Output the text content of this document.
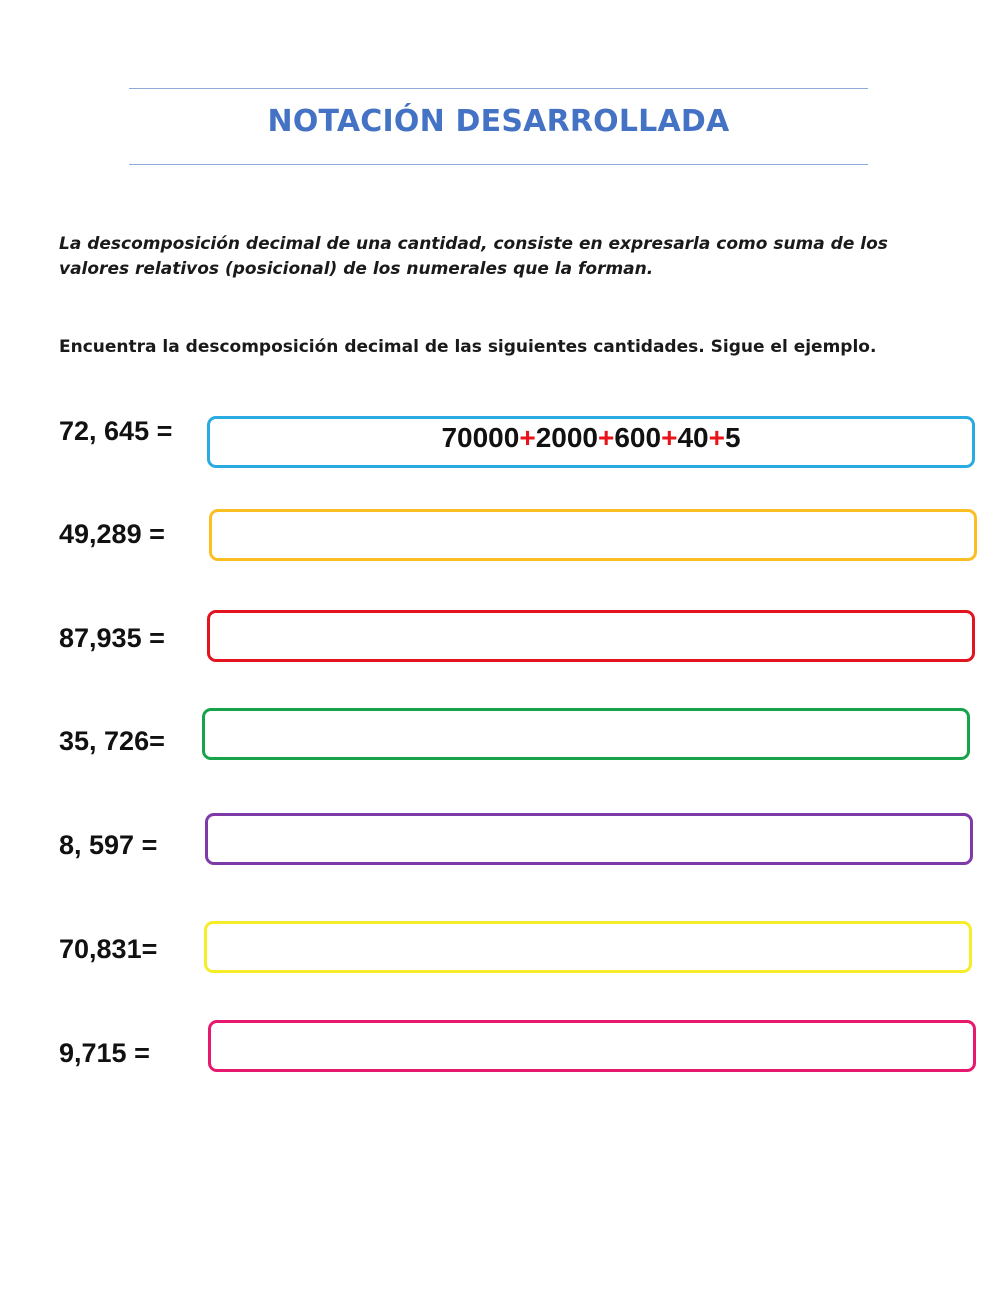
NOTACIÓN DESARROLLADA
La descomposición decimal de una cantidad, consiste en expresarla como suma de los valores relativos (posicional) de los numerales que la forman.
Encuentra la descomposición decimal de las siguientes cantidades. Sigue el ejemplo.
72, 645 =	70000+2000+600+40+5
49,289 =
87,935 =
35, 726=
8, 597 =
70,831=
9,715 =
